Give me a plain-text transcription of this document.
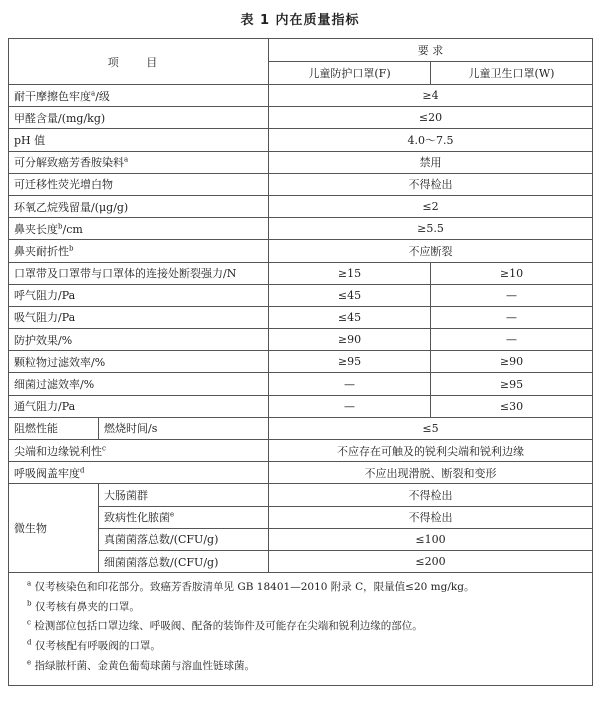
表 1 内在质量指标
项 目		要 求	
		儿童防护口罩(F)	儿童卫生口罩(W)
耐干摩擦色牢度$^a$/级		≥4	
甲醛含量/(mg/kg)		≤20	
pH 值		4.0～7.5	
可分解致癌芳香胺染料$^a$		禁用	
可迁移性荧光增白物		不得检出	
环氧乙烷残留量/(μg/g)		≤2	
鼻夹长度$^b$/cm		≥5.5	
鼻夹耐折性$^b$		不应断裂	
口罩带及口罩带与口罩体的连接处断裂强力/N		≥15	≥10
呼气阻力/Pa		≤45	—
吸气阻力/Pa		≤45	—
防护效果/%		≥90	—
颗粒物过滤效率/%		≥95	≥90
细菌过滤效率/%		—	≥95
通气阻力/Pa		—	≤30
阻燃性能	燃烧时间/s	≤5	
尖端和边缘锐利性$^c$		不应存在可触及的锐利尖端和锐利边缘	
呼吸阀盖牢度$^d$		不应出现滑脱、断裂和变形	
微生物	大肠菌群	不得检出	
	致病性化脓菌$^e$	不得检出	
	真菌菌落总数/(CFU/g)	≤100	
	细菌菌落总数/(CFU/g)	≤200	

$^a$ 仅考核染色和印花部分。致癌芳香胺清单见 GB 18401—2010 附录 C，限量值≤20 mg/kg。

$^b$ 仅考核有鼻夹的口罩。

$^c$ 检测部位包括口罩边缘、呼吸阀、配备的装饰件及可能存在尖端和锐利边缘的部位。

$^d$ 仅考核配有呼吸阀的口罩。

$^e$ 指绿脓杆菌、金黄色葡萄球菌与溶血性链球菌。			
